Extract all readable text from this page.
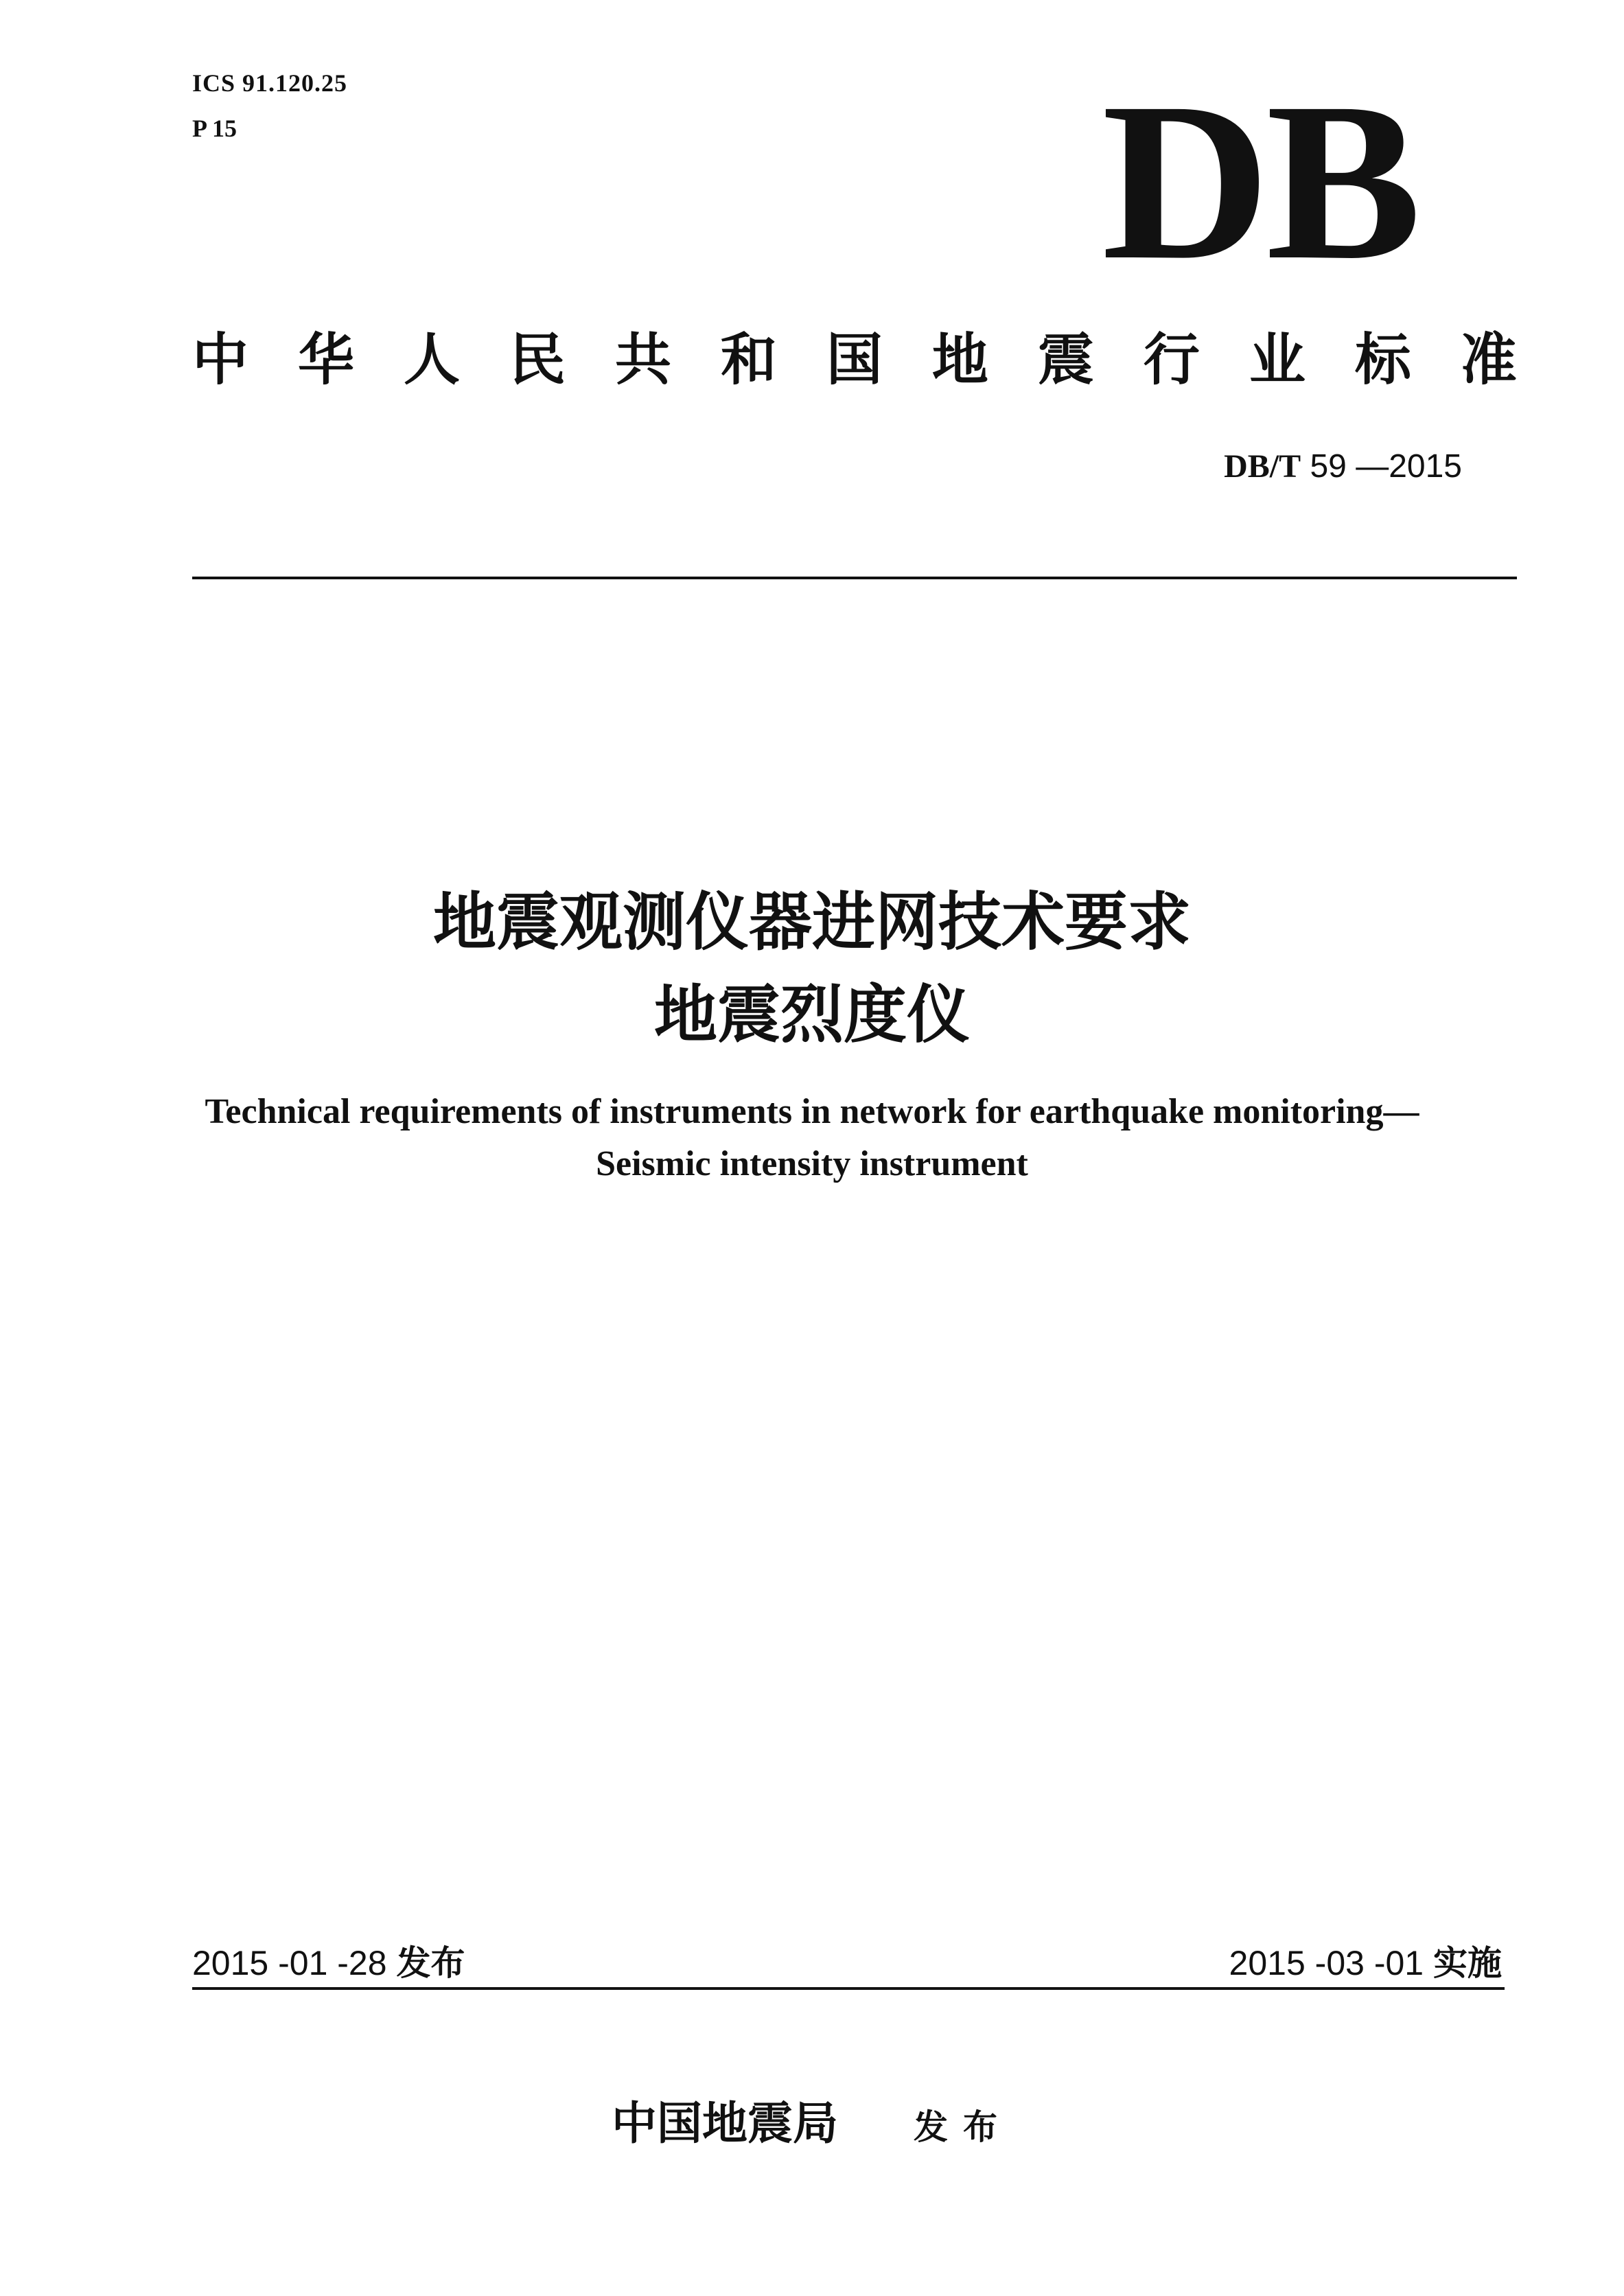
ICS 91.120.25
P 15	DB
中 华 人 民 共 和 国 地 震 行 业 标 准
DB/T 59 —2015
地震观测仪器进网技术要求
地震烈度仪
Technical requirements of instruments in network for earthquake monitoring—
Seismic intensity instrument
2015 -01 -28 发布	2015 -03 -01 实施
中国地震局 发布
